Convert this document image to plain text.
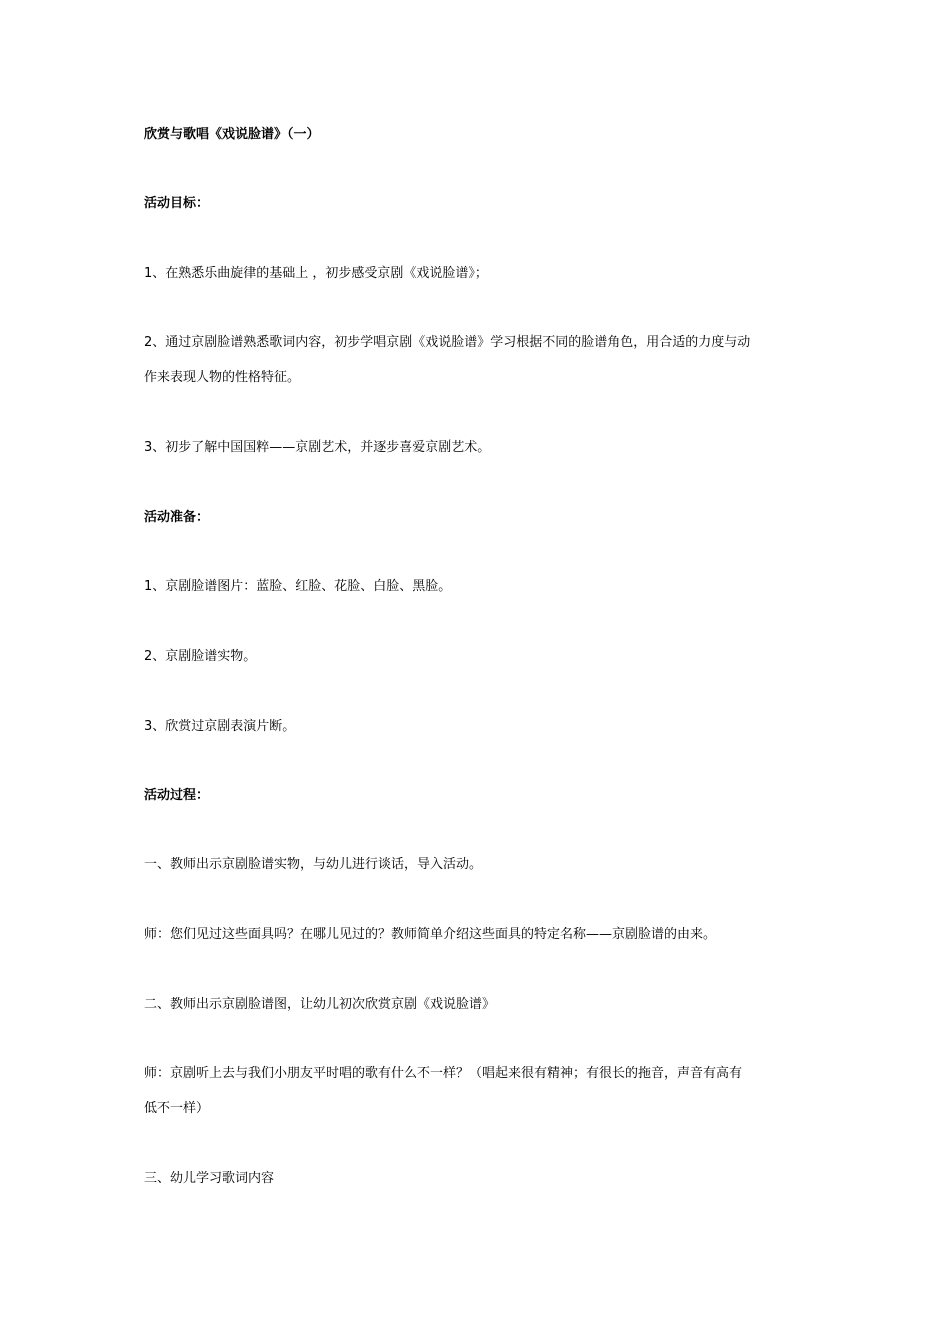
欣赏与歌唱《戏说脸谱》（一）

活动目标：

1、在熟悉乐曲旋律的基础上 ，初步感受京剧《戏说脸谱》；

2、通过京剧脸谱熟悉歌词内容，初步学唱京剧《戏说脸谱》学习根据不同的脸谱角色，用合适的力度与动

作来表现人物的性格特征。

3、初步了解中国国粹——京剧艺术，并逐步喜爱京剧艺术。

活动准备：

1、京剧脸谱图片：蓝脸、红脸、花脸、白脸、黑脸。

2、京剧脸谱实物。

3、欣赏过京剧表演片断。

活动过程：

一、教师出示京剧脸谱实物，与幼儿进行谈话，导入活动。

师：您们见过这些面具吗？在哪儿见过的？教师简单介绍这些面具的特定名称——京剧脸谱的由来。

二、教师出示京剧脸谱图，让幼儿初次欣赏京剧《戏说脸谱》

师：京剧听上去与我们小朋友平时唱的歌有什么不一样？（唱起来很有精神；有很长的拖音，声音有高有

低不一样）

三、幼儿学习歌词内容
